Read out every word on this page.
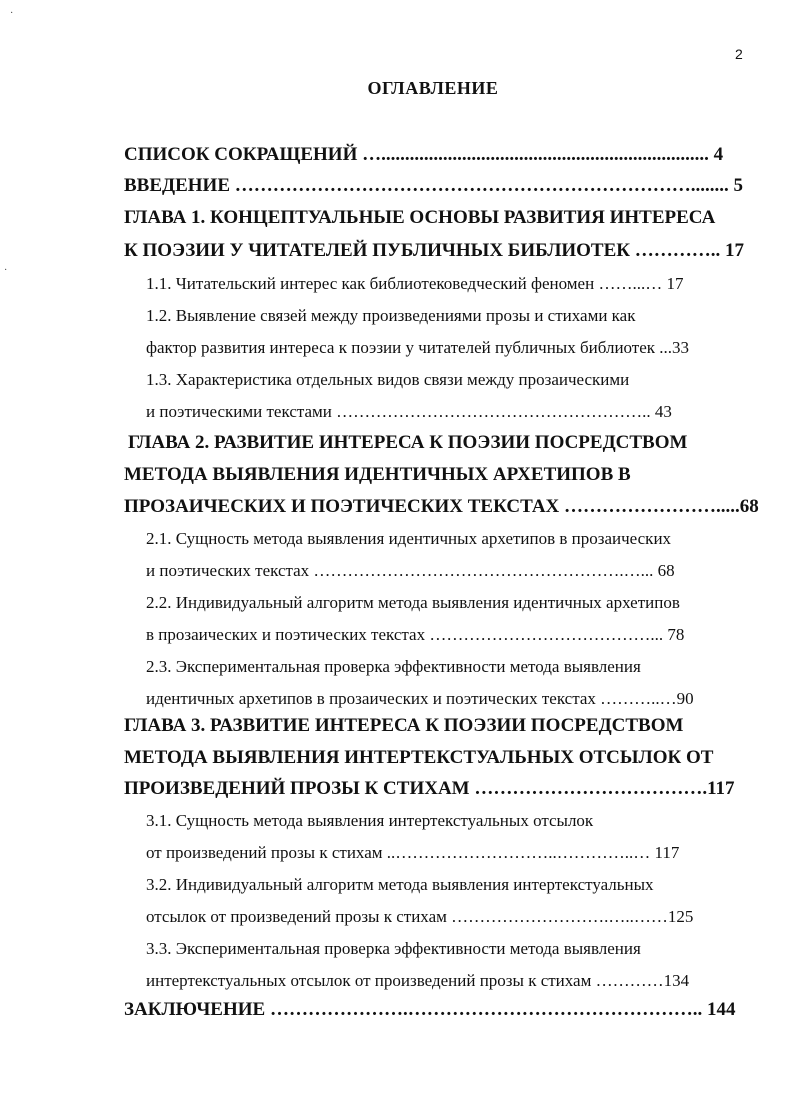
2
ОГЛАВЛЕНИЕ
·
·
СПИСОК СОКРАЩЕНИЙ …..................................................................... 4
ВВЕДЕНИЕ ………………………………………………………………........ 5
ГЛАВА 1. КОНЦЕПТУАЛЬНЫЕ ОСНОВЫ РАЗВИТИЯ ИНТЕРЕСА
К ПОЭЗИИ У ЧИТАТЕЛЕЙ ПУБЛИЧНЫХ БИБЛИОТЕК ………….. 17
1.1. Читательский интерес как библиотековедческий феномен ……...… 17
1.2. Выявление связей между произведениями прозы и стихами как
фактор развития интереса к поэзии у читателей публичных библиотек ...33
1.3. Характеристика отдельных видов связи между прозаическими
и поэтическими текстами ……………………………………………….. 43
ГЛАВА 2. РАЗВИТИЕ ИНТЕРЕСА К ПОЭЗИИ ПОСРЕДСТВОМ
МЕТОДА ВЫЯВЛЕНИЯ ИДЕНТИЧНЫХ АРХЕТИПОВ В
ПРОЗАИЧЕСКИХ И ПОЭТИЧЕСКИХ ТЕКСТАХ …………………….....68
2.1. Сущность метода выявления идентичных архетипов в прозаических
и поэтических текстах ……………………………………………….…... 68
2.2. Индивидуальный алгоритм метода выявления идентичных архетипов
в прозаических и поэтических текстах …………………………………... 78
2.3. Экспериментальная проверка эффективности метода выявления
идентичных архетипов в прозаических и поэтических текстах ………..…90
ГЛАВА 3. РАЗВИТИЕ ИНТЕРЕСА К ПОЭЗИИ ПОСРЕДСТВОМ
МЕТОДА ВЫЯВЛЕНИЯ ИНТЕРТЕКСТУАЛЬНЫХ ОТСЫЛОК ОТ
ПРОИЗВЕДЕНИЙ ПРОЗЫ К СТИХАМ ……………………………….117
3.1. Сущность метода выявления интертекстуальных отсылок
от произведений прозы к стихам ..………………………..…………..… 117
3.2. Индивидуальный алгоритм метода выявления интертекстуальных
отсылок от произведений прозы к стихам ……………………….…..……125
3.3. Экспериментальная проверка эффективности метода выявления
интертекстуальных отсылок от произведений прозы к стихам …………134
ЗАКЛЮЧЕНИЕ ………………….……………………………………….. 144
